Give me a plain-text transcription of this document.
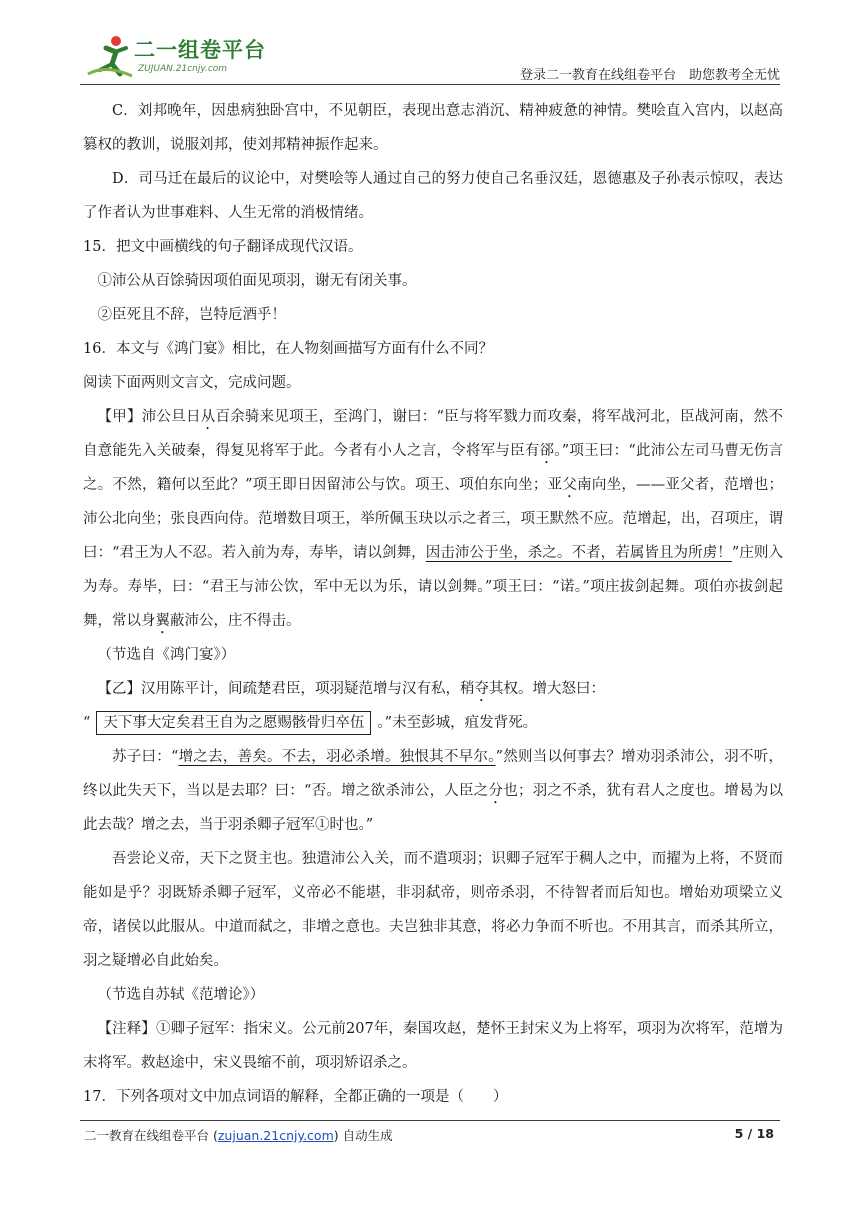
二一组卷平台
ZUJUAN.21cnjy.com	登录二一教育在线组卷平台　助您教考全无忧

C．刘邦晚年，因患病独卧宫中，不见朝臣，表现出意志消沉、精神疲惫的神情。樊哙直入宫内，以赵高篡权的教训，说服刘邦，使刘邦精神振作起来。

D．司马迁在最后的议论中，对樊哙等人通过自己的努力使自己名垂汉廷，恩德惠及子孙表示惊叹，表达了作者认为世事难料、人生无常的消极情绪。

15．把文中画横线的句子翻译成现代汉语。

①沛公从百馀骑因项伯面见项羽，谢无有闭关事。

②臣死且不辞，岂特卮酒乎！

16．本文与《鸿门宴》相比，在人物刻画描写方面有什么不同？

阅读下面两则文言文，完成问题。

【甲】沛公旦日从百余骑来见项王，至鸿门，谢曰：“臣与将军戮力而攻秦，将军战河北，臣战河南，然不自意能先入关破秦，得复见将军于此。今者有小人之言，令将军与臣有郤。”项王曰：“此沛公左司马曹无伤言之。不然，籍何以至此？”项王即日因留沛公与饮。项王、项伯东向坐；亚父南向坐，——亚父者，范增也；沛公北向坐；张良西向侍。范增数目项王，举所佩玉玦以示之者三，项王默然不应。范增起，出，召项庄，谓曰：“君王为人不忍。若入前为寿，寿毕，请以剑舞，因击沛公于坐，杀之。不者，若属皆且为所虏！”庄则入为寿。寿毕，曰：“君王与沛公饮，军中无以为乐，请以剑舞。”项王曰：“诺。”项庄拔剑起舞。项伯亦拔剑起舞，常以身翼蔽沛公，庄不得击。

（节选自《鸿门宴》）

【乙】汉用陈平计，间疏楚君臣，项羽疑范增与汉有私，稍夺其权。增大怒曰：

“ 天下事大定矣君王自为之愿赐骸骨归卒伍 。”未至彭城，疽发背死。

苏子曰：“增之去，善矣。不去，羽必杀增。独恨其不早尔。”然则当以何事去？增劝羽杀沛公，羽不听，终以此失天下，当以是去耶？曰：“否。增之欲杀沛公，人臣之分也；羽之不杀，犹有君人之度也。增曷为以此去哉？增之去，当于羽杀卿子冠军①时也。”

吾尝论义帝，天下之贤主也。独遣沛公入关，而不遣项羽；识卿子冠军于稠人之中，而擢为上将，不贤而能如是乎？羽既矫杀卿子冠军，义帝必不能堪，非羽弑帝，则帝杀羽，不待智者而后知也。增始劝项梁立义帝，诸侯以此服从。中道而弑之，非增之意也。夫岂独非其意，将必力争而不听也。不用其言，而杀其所立，羽之疑增必自此始矣。

（节选自苏轼《范增论》）

【注释】①卿子冠军：指宋义。公元前207年，秦国攻赵，楚怀王封宋义为上将军，项羽为次将军，范增为末将军。救赵途中，宋义畏缩不前，项羽矫诏杀之。

17．下列各项对文中加点词语的解释，全都正确的一项是（　　）

二一教育在线组卷平台 (zujuan.21cnjy.com) 自动生成	5 / 18
